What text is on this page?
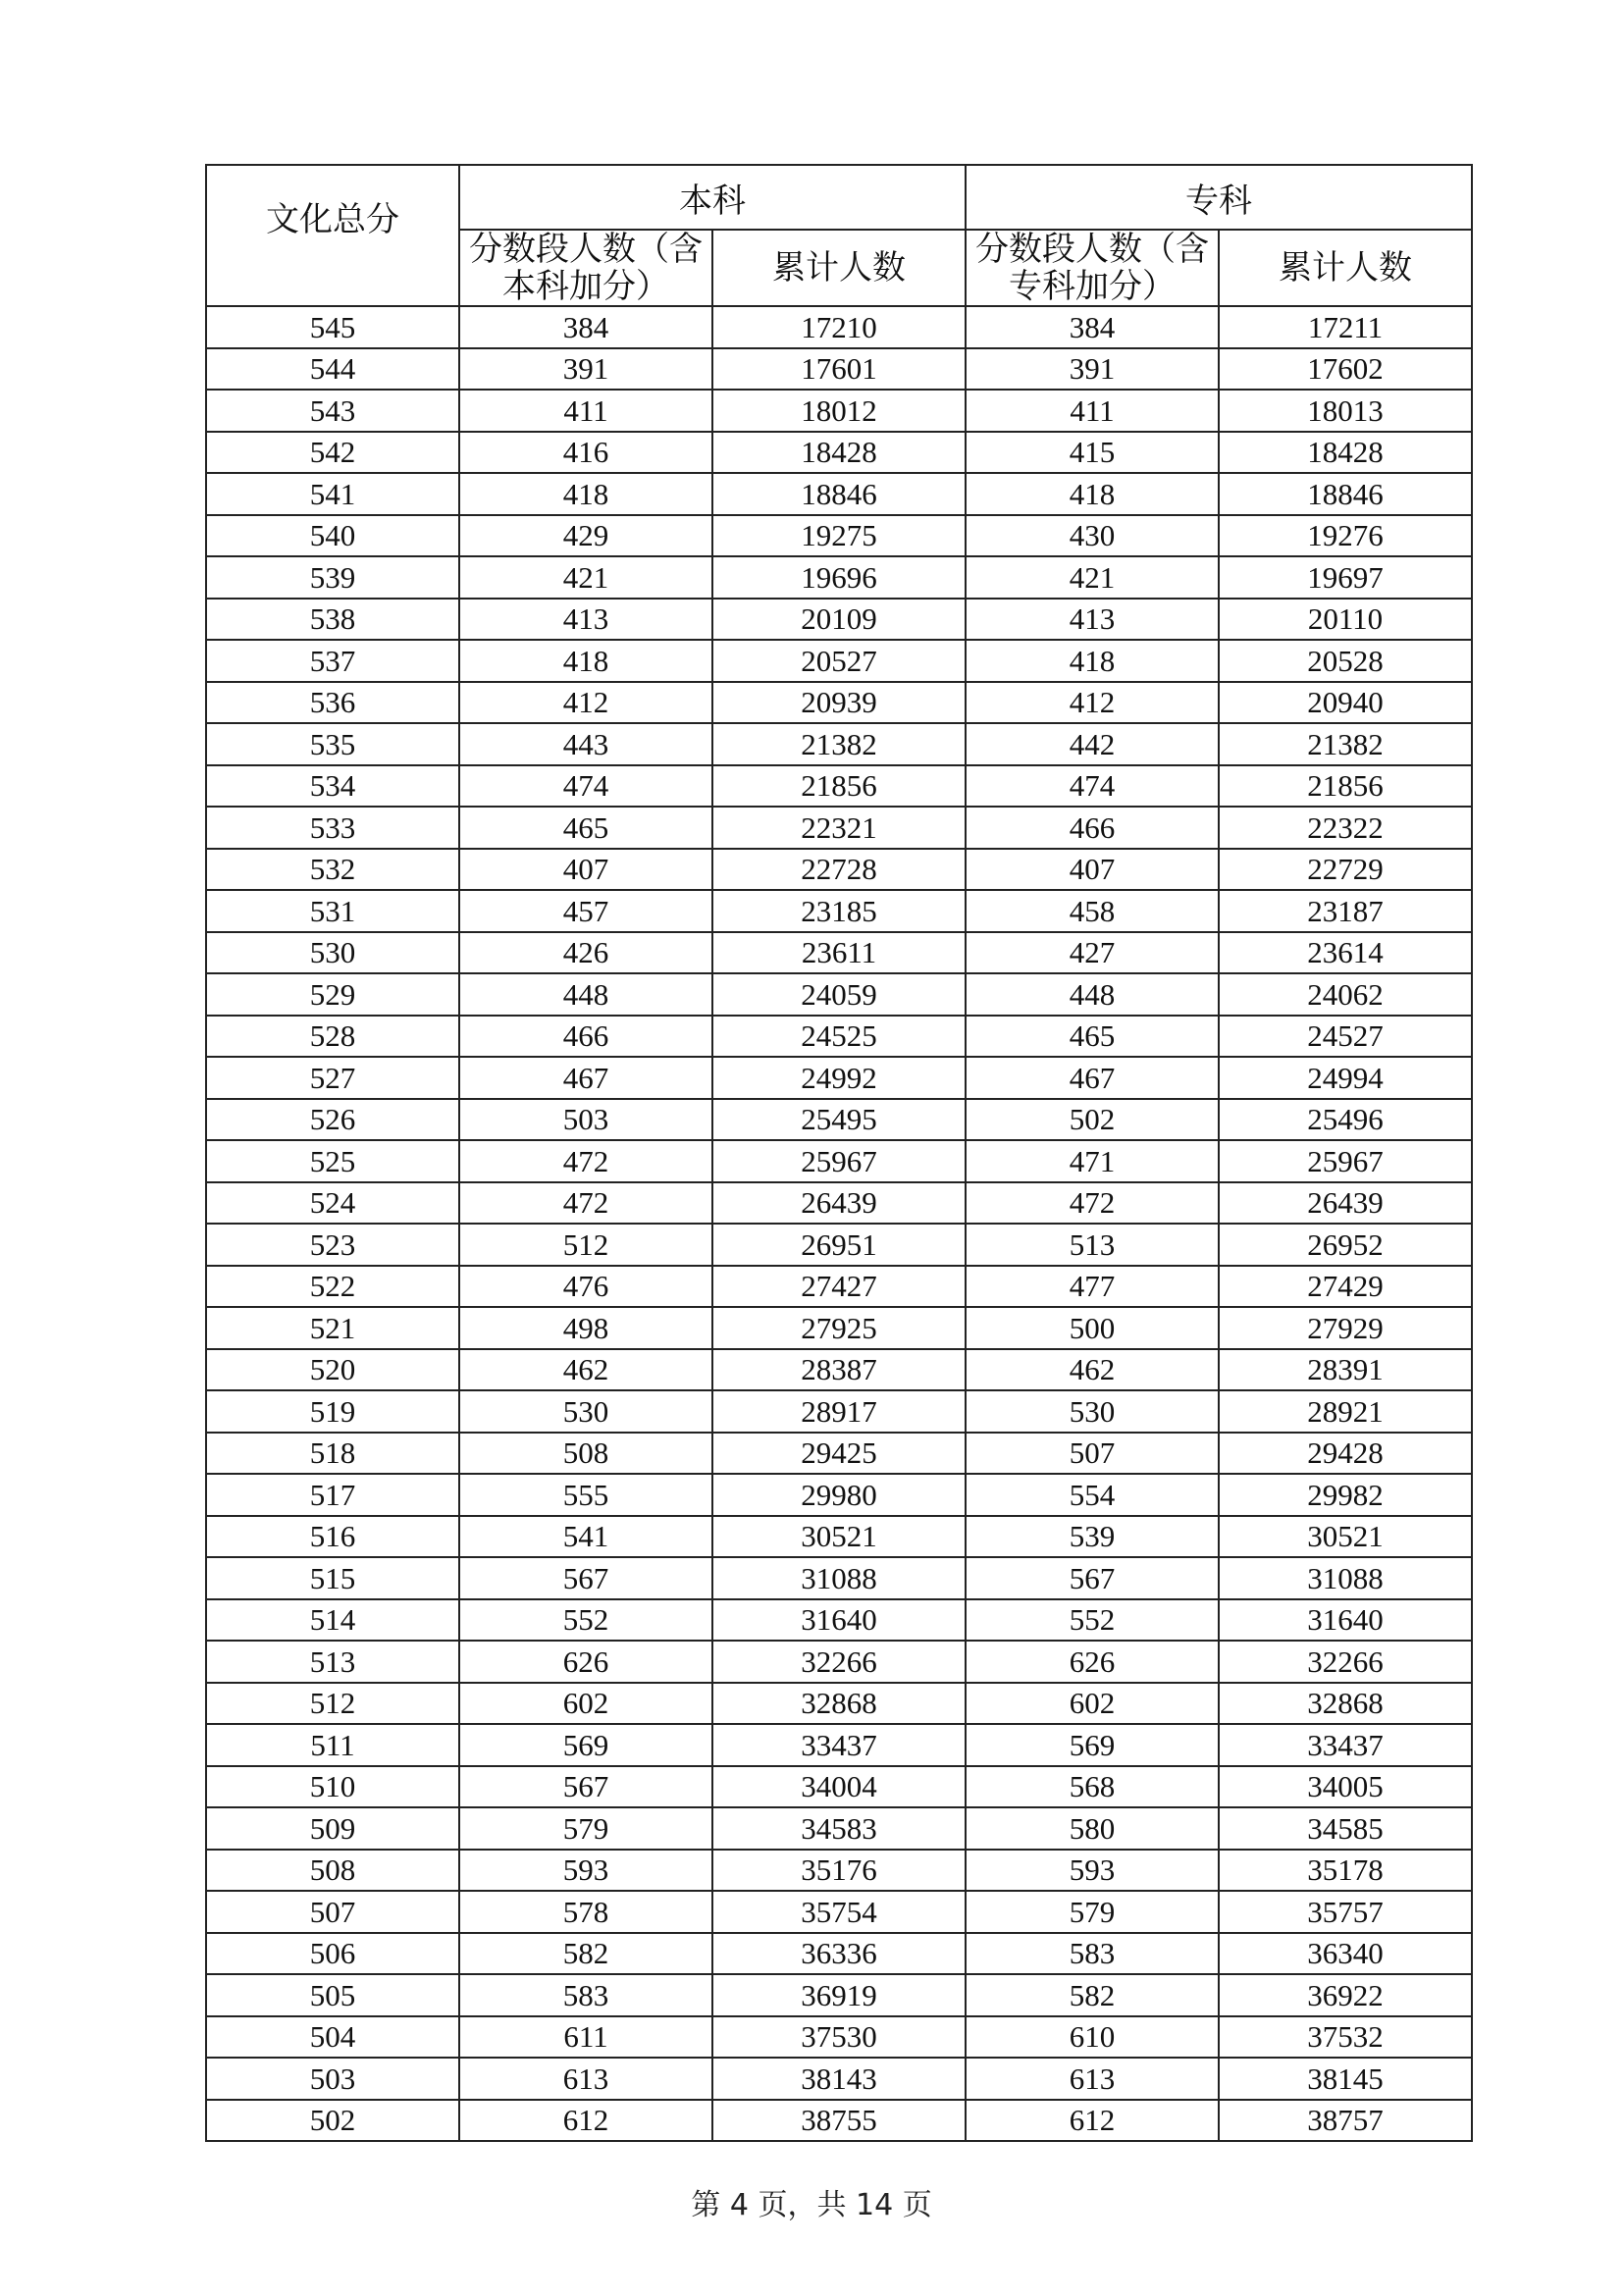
文化总分	本科		专科	
	分数段人数（含本科加分）	累计人数	分数段人数（含专科加分）	累计人数
545	384	17210	384	17211
544	391	17601	391	17602
543	411	18012	411	18013
542	416	18428	415	18428
541	418	18846	418	18846
540	429	19275	430	19276
539	421	19696	421	19697
538	413	20109	413	20110
537	418	20527	418	20528
536	412	20939	412	20940
535	443	21382	442	21382
534	474	21856	474	21856
533	465	22321	466	22322
532	407	22728	407	22729
531	457	23185	458	23187
530	426	23611	427	23614
529	448	24059	448	24062
528	466	24525	465	24527
527	467	24992	467	24994
526	503	25495	502	25496
525	472	25967	471	25967
524	472	26439	472	26439
523	512	26951	513	26952
522	476	27427	477	27429
521	498	27925	500	27929
520	462	28387	462	28391
519	530	28917	530	28921
518	508	29425	507	29428
517	555	29980	554	29982
516	541	30521	539	30521
515	567	31088	567	31088
514	552	31640	552	31640
513	626	32266	626	32266
512	602	32868	602	32868
511	569	33437	569	33437
510	567	34004	568	34005
509	579	34583	580	34585
508	593	35176	593	35178
507	578	35754	579	35757
506	582	36336	583	36340
505	583	36919	582	36922
504	611	37530	610	37532
503	613	38143	613	38145
502	612	38755	612	38757
第 4 页，共 14 页
